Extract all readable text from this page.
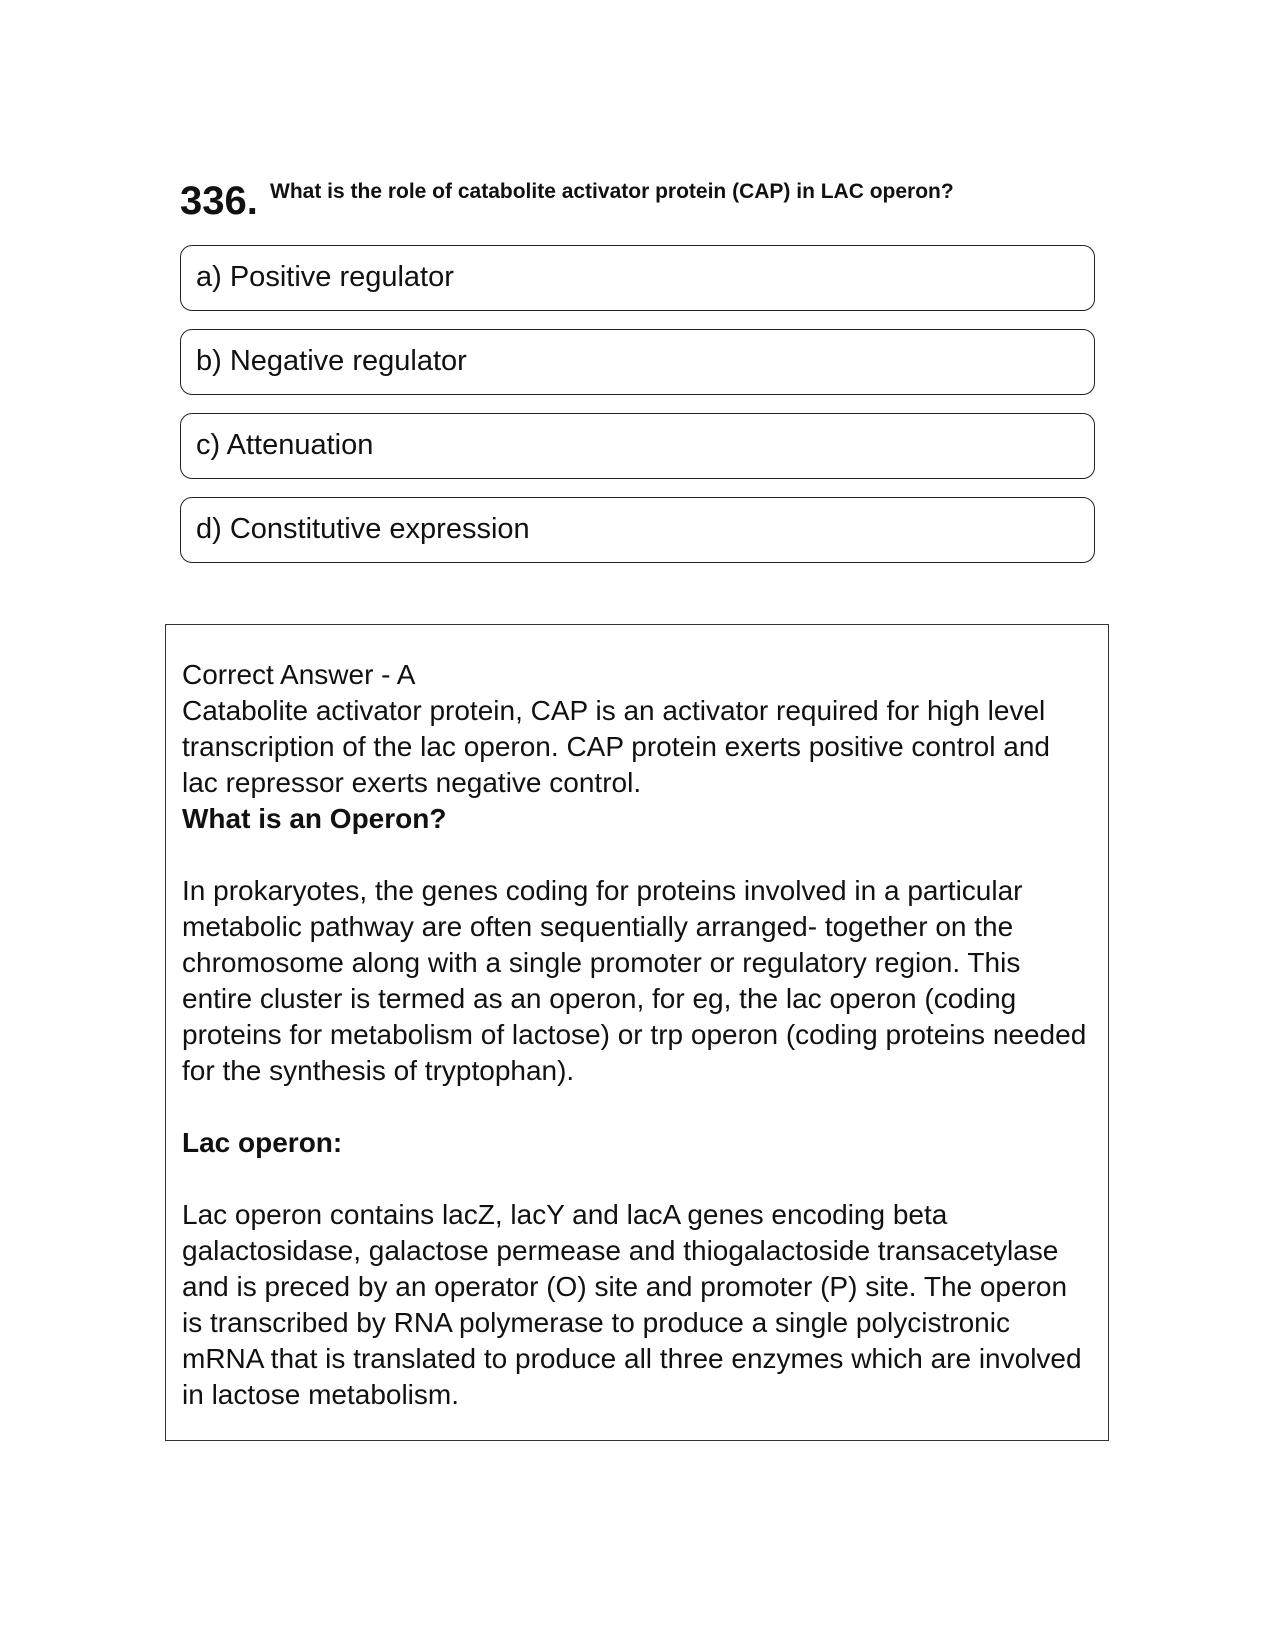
336. What is the role of catabolite activator protein (CAP) in LAC operon?
a) Positive regulator
b) Negative regulator
c) Attenuation
d) Constitutive expression

Correct Answer - A

Catabolite activator protein, CAP is an activator required for high level transcription of the lac operon. CAP protein exerts positive control and lac repressor exerts negative control.

What is an Operon?

In prokaryotes, the genes coding for proteins involved in a particular metabolic pathway are often sequentially arranged- together on the chromosome along with a single promoter or regulatory region. This entire cluster is termed as an operon, for eg, the lac operon (coding proteins for metabolism of lactose) or trp operon (coding proteins needed for the synthesis of tryptophan).

Lac operon:

Lac operon contains lacZ, lacY and lacA genes encoding beta galactosidase, galactose permease and thiogalactoside transacetylase and is preced by an operator (O) site and promoter (P) site. The operon is transcribed by RNA polymerase to produce a single polycistronic mRNA that is translated to produce all three enzymes which are involved in lactose metabolism.
